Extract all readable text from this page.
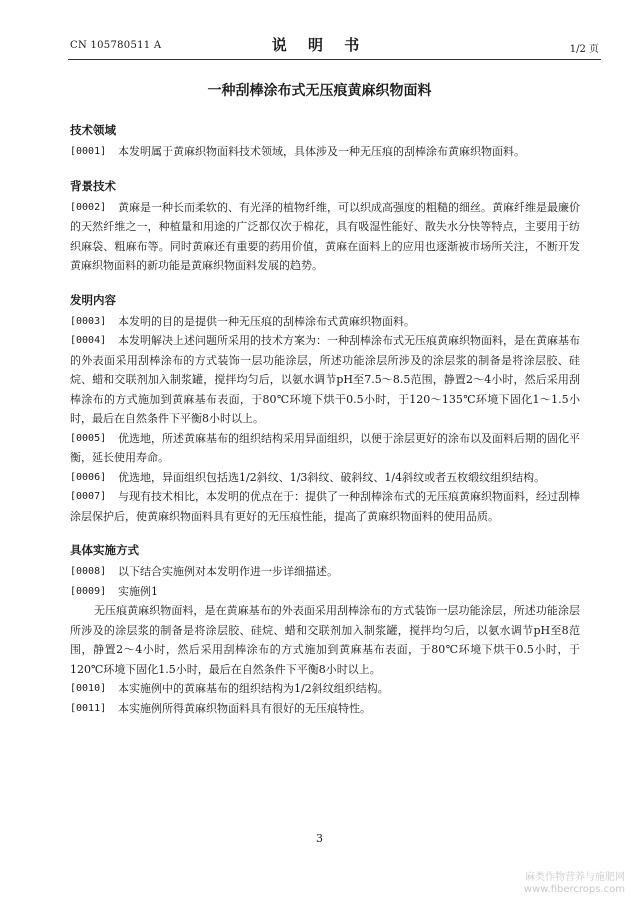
CN 105780511 A	说 明 书	1/2 页
一种刮棒涂布式无压痕黄麻织物面料
技术领域
[0001]	本发明属于黄麻织物面料技术领域，具体涉及一种无压痕的刮棒涂布黄麻织物面料。
背景技术
[0002]	黄麻是一种长而柔软的、有光泽的植物纤维，可以织成高强度的粗糙的细丝。黄麻纤维是最廉价的天然纤维之一，种植量和用途的广泛都仅次于棉花，具有吸湿性能好、散失水分快等特点，主要用于纺织麻袋、粗麻布等。同时黄麻还有重要的药用价值，黄麻在面料上的应用也逐渐被市场所关注，不断开发黄麻织物面料的新功能是黄麻织物面料发展的趋势。
发明内容
[0003]	本发明的目的是提供一种无压痕的刮棒涂布式黄麻织物面料。
[0004]	本发明解决上述问题所采用的技术方案为：一种刮棒涂布式无压痕黄麻织物面料，是在黄麻基布的外表面采用刮棒涂布的方式装饰一层功能涂层，所述功能涂层所涉及的涂层浆的制备是将涂层胶、硅烷、蜡和交联剂加入制浆罐，搅拌均匀后，以氨水调节pH至7.5～8.5范围，静置2～4小时，然后采用刮棒涂布的方式施加到黄麻基布表面，于80℃环境下烘干0.5小时，于120～135℃环境下固化1～1.5小时，最后在自然条件下平衡8小时以上。
[0005]	优选地，所述黄麻基布的组织结构采用异面组织，以便于涂层更好的涂布以及面料后期的固化平衡，延长使用寿命。
[0006]	优选地，异面组织包括选1/2斜纹、1/3斜纹、破斜纹、1/4斜纹或者五枚缎纹组织结构。
[0007]	与现有技术相比，本发明的优点在于：提供了一种刮棒涂布式的无压痕黄麻织物面料，经过刮棒涂层保护后，使黄麻织物面料具有更好的无压痕性能，提高了黄麻织物面料的使用品质。
具体实施方式
[0008]	以下结合实施例对本发明作进一步详细描述。
[0009]	实施例1
无压痕黄麻织物面料，是在黄麻基布的外表面采用刮棒涂布的方式装饰一层功能涂层，所述功能涂层所涉及的涂层浆的制备是将涂层胶、硅烷、蜡和交联剂加入制浆罐，搅拌均匀后，以氨水调节pH至8范围，静置2～4小时，然后采用刮棒涂布的方式施加到黄麻基布表面，于80℃环境下烘干0.5小时，于120℃环境下固化1.5小时，最后在自然条件下平衡8小时以上。
[0010]	本实施例中的黄麻基布的组织结构为1/2斜纹组织结构。
[0011]	本实施例所得黄麻织物面料具有很好的无压痕特性。
3
麻类作物营养与施肥网
www.fibercrops.com
